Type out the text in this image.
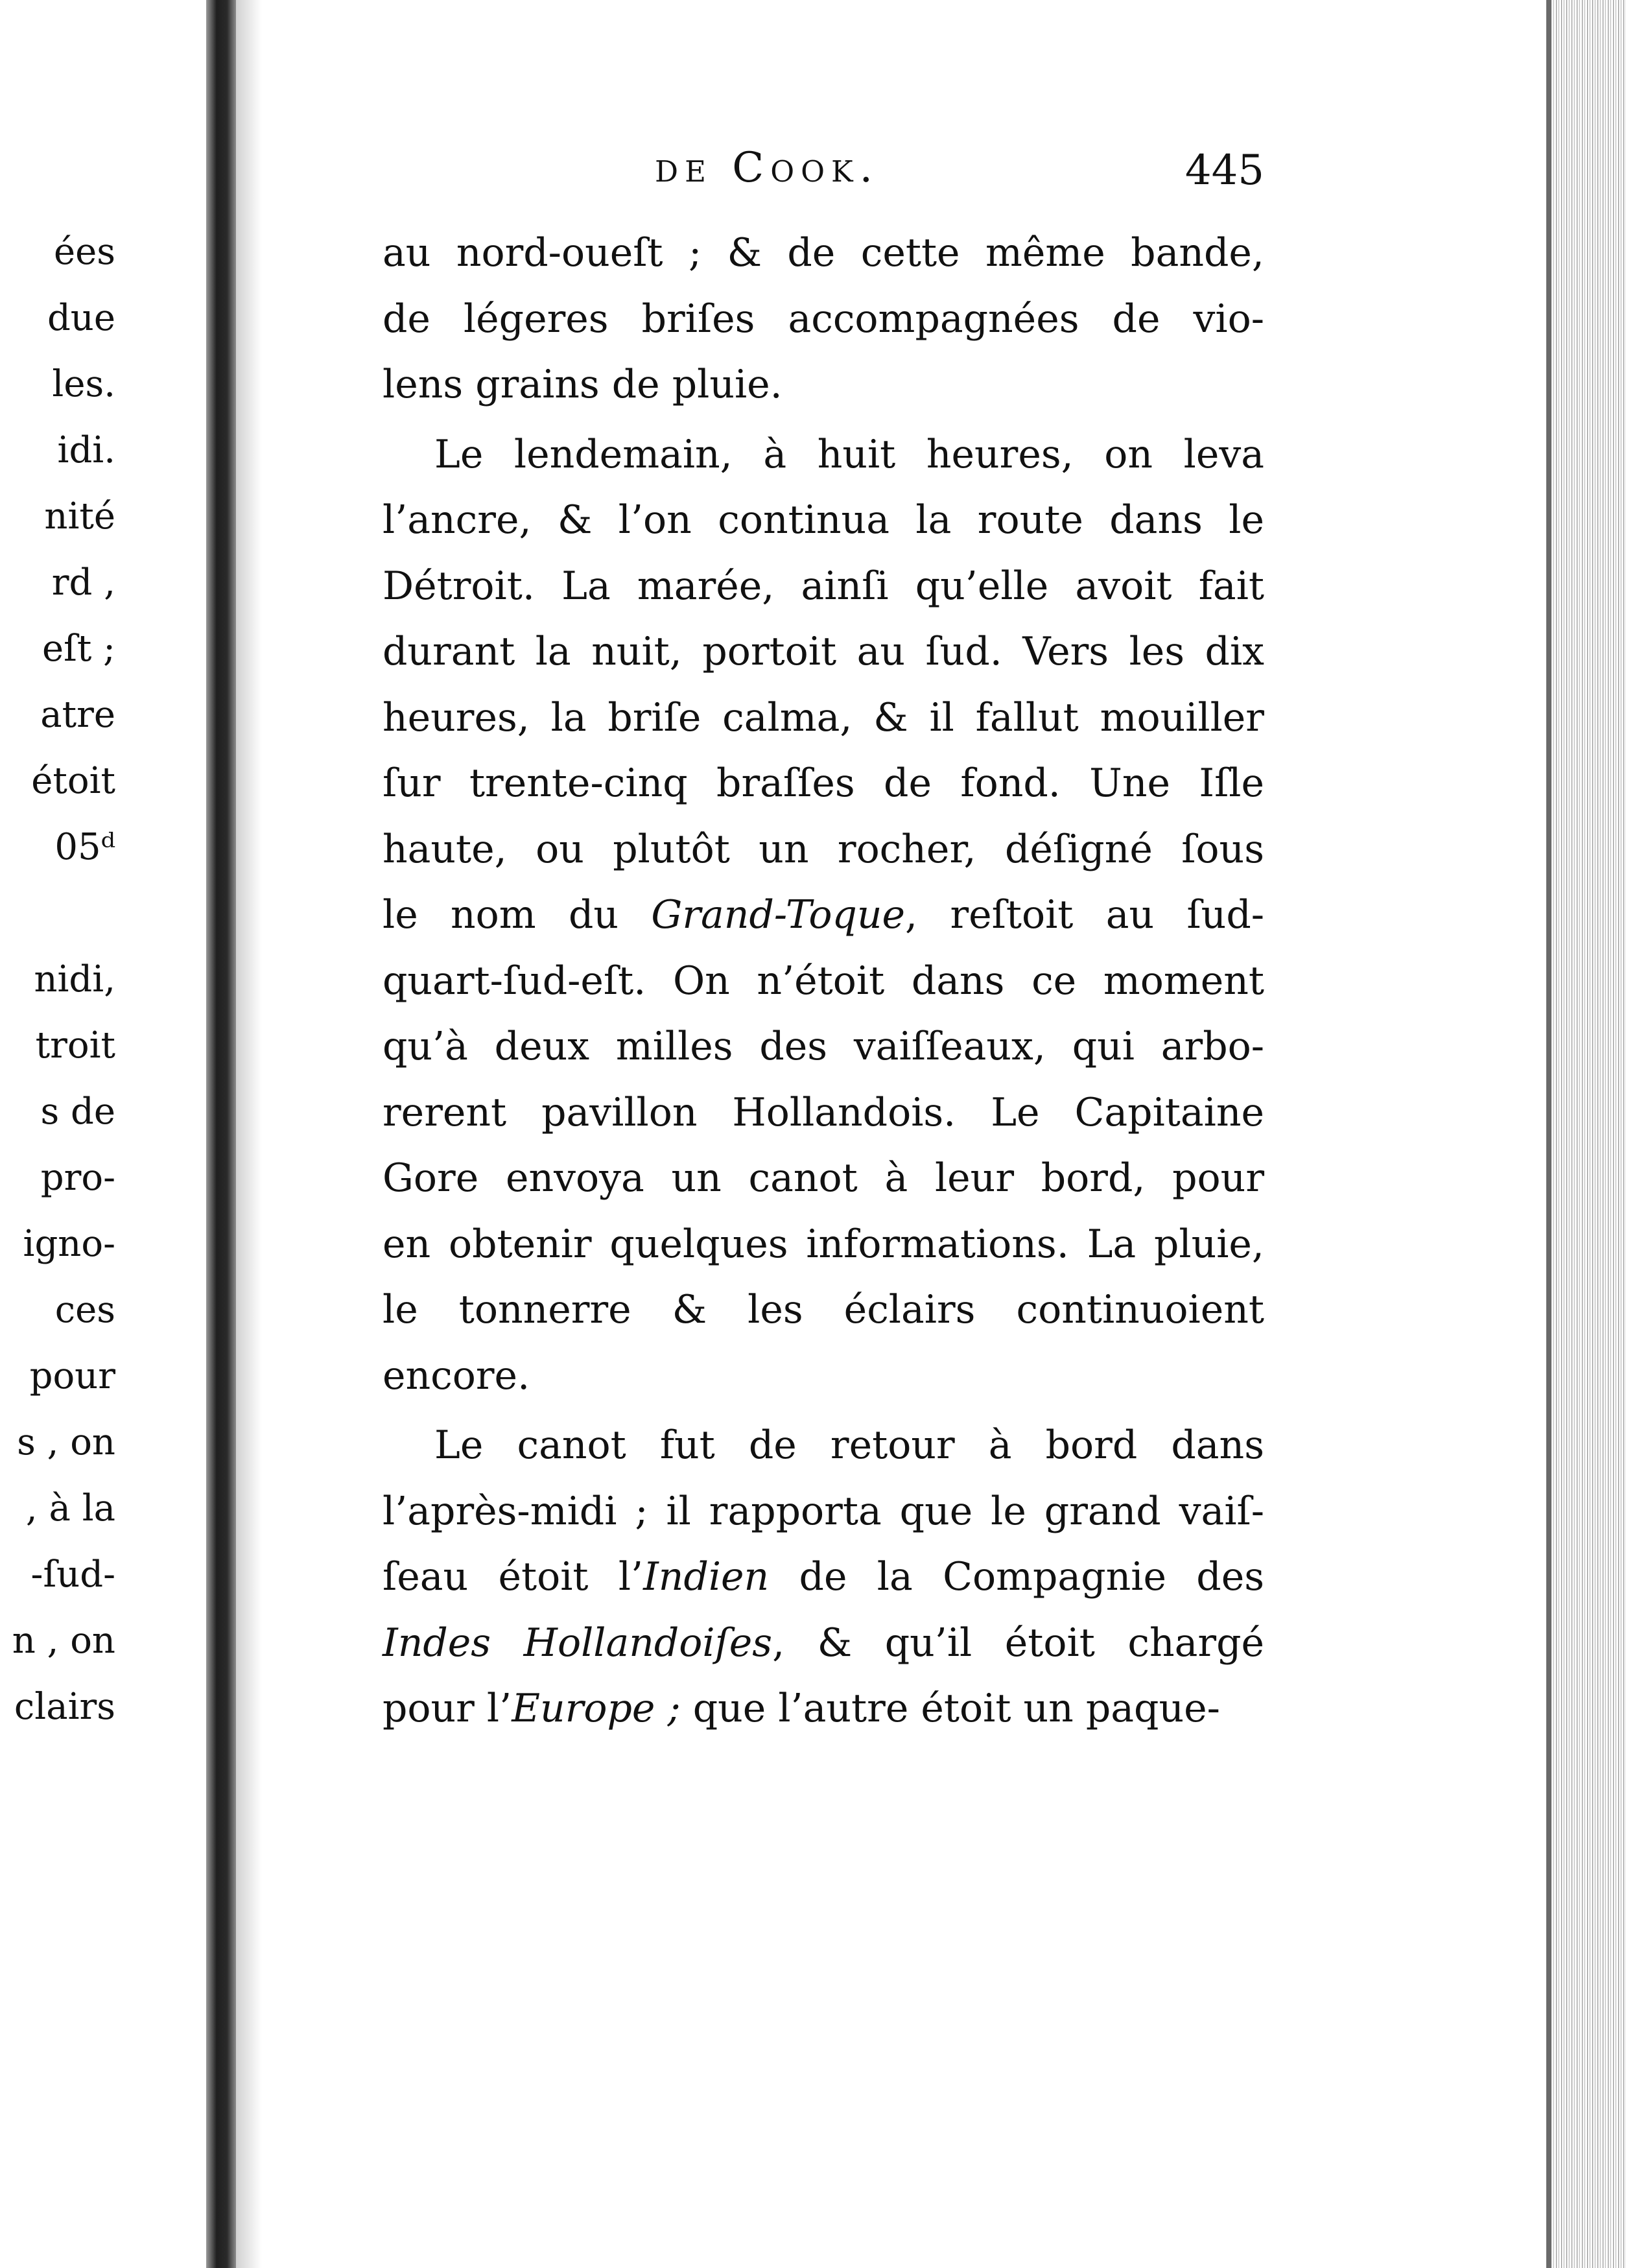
ées
due
les.
idi.
nité
rd ,
eſt ;
atre
étoit
05ᵈ
nidi,
troit
s de
pro-
igno-
ces
pour
s , on
, à la
-ſud-
n , on
clairs
de Cook.	445
au nord-oueſt ; & de cette même bande,
de légeres briſes accompagnées de vio-
lens grains de pluie.
Le lendemain, à huit heures, on leva
l’ancre, & l’on continua la route dans le
Détroit. La marée, ainſi qu’elle avoit fait
durant la nuit, portoit au ſud. Vers les dix
heures, la briſe calma, & il fallut mouiller
ſur trente-cinq braſſes de fond. Une Iſle
haute, ou plutôt un rocher, déſigné ſous
le nom du Grand-Toque, reſtoit au ſud-
quart-ſud-eſt. On n’étoit dans ce moment
qu’à deux milles des vaiſſeaux, qui arbo-
rerent pavillon Hollandois. Le Capitaine
Gore envoya un canot à leur bord, pour
en obtenir quelques informations. La pluie,
le tonnerre & les éclairs continuoient
encore.
Le canot fut de retour à bord dans
l’après-midi ; il rapporta que le grand vaiſ-
ſeau étoit l’Indien de la Compagnie des
Indes Hollandoiſes, & qu’il étoit chargé
pour l’Europe ; que l’autre étoit un paque-
